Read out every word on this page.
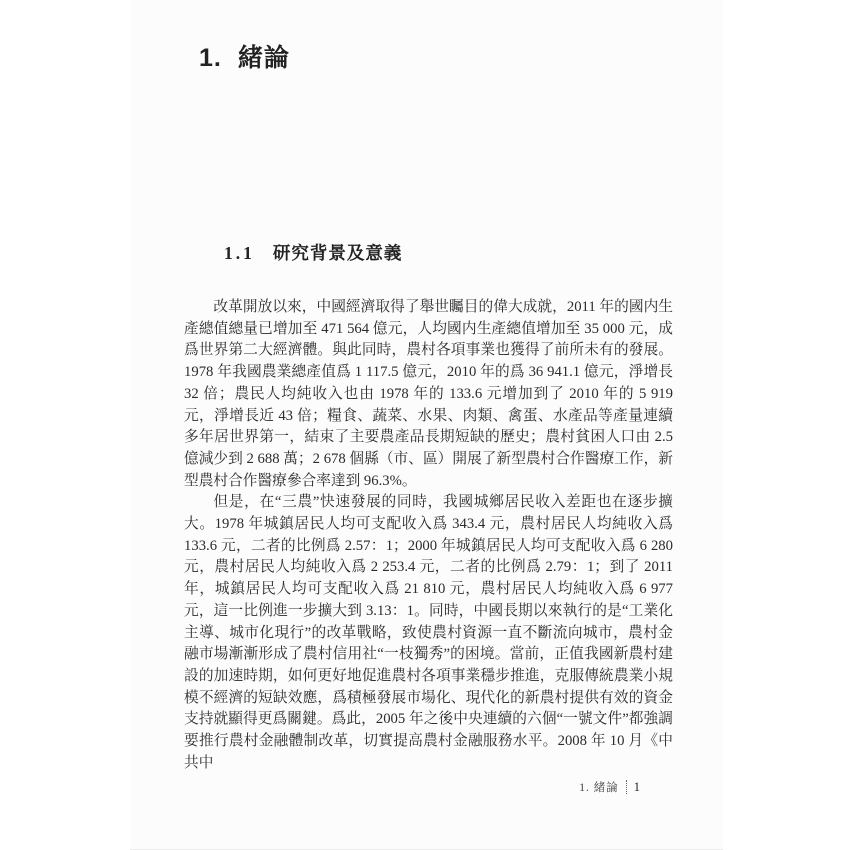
1. 緒論
1.1 研究背景及意義

改革開放以來，中國經濟取得了舉世矚目的偉大成就，2011 年的國内生產總值總量已增加至 471 564 億元，人均國内生產總值增加至 35 000 元，成爲世界第二大經濟體。與此同時，農村各項事業也獲得了前所未有的發展。1978 年我國農業總產值爲 1 117.5 億元，2010 年的爲 36 941.1 億元，淨增長 32 倍；農民人均純收入也由 1978 年的 133.6 元增加到了 2010 年的 5 919 元，淨增長近 43 倍；糧食、蔬菜、水果、肉類、禽蛋、水產品等產量連續多年居世界第一，結束了主要農產品長期短缺的歷史；農村貧困人口由 2.5 億減少到 2 688 萬；2 678 個縣（市、區）開展了新型農村合作醫療工作，新型農村合作醫療參合率達到 96.3%。

但是，在“三農”快速發展的同時，我國城鄉居民收入差距也在逐步擴大。1978 年城鎮居民人均可支配收入爲 343.4 元，農村居民人均純收入爲 133.6 元，二者的比例爲 2.57：1；2000 年城鎮居民人均可支配收入爲 6 280 元，農村居民人均純收入爲 2 253.4 元，二者的比例爲 2.79：1；到了 2011 年，城鎮居民人均可支配收入爲 21 810 元，農村居民人均純收入爲 6 977 元，這一比例進一步擴大到 3.13：1。同時，中國長期以來執行的是“工業化主導、城市化現行”的改革戰略，致使農村資源一直不斷流向城市，農村金融市場漸漸形成了農村信用社“一枝獨秀”的困境。當前，正值我國新農村建設的加速時期，如何更好地促進農村各項事業穩步推進，克服傳統農業小規模不經濟的短缺效應，爲積極發展市場化、現代化的新農村提供有效的資金支持就顯得更爲關鍵。爲此，2005 年之後中央連續的六個“一號文件”都強調要推行農村金融體制改革，切實提高農村金融服務水平。2008 年 10 月《中共中

1. 緒論 1
